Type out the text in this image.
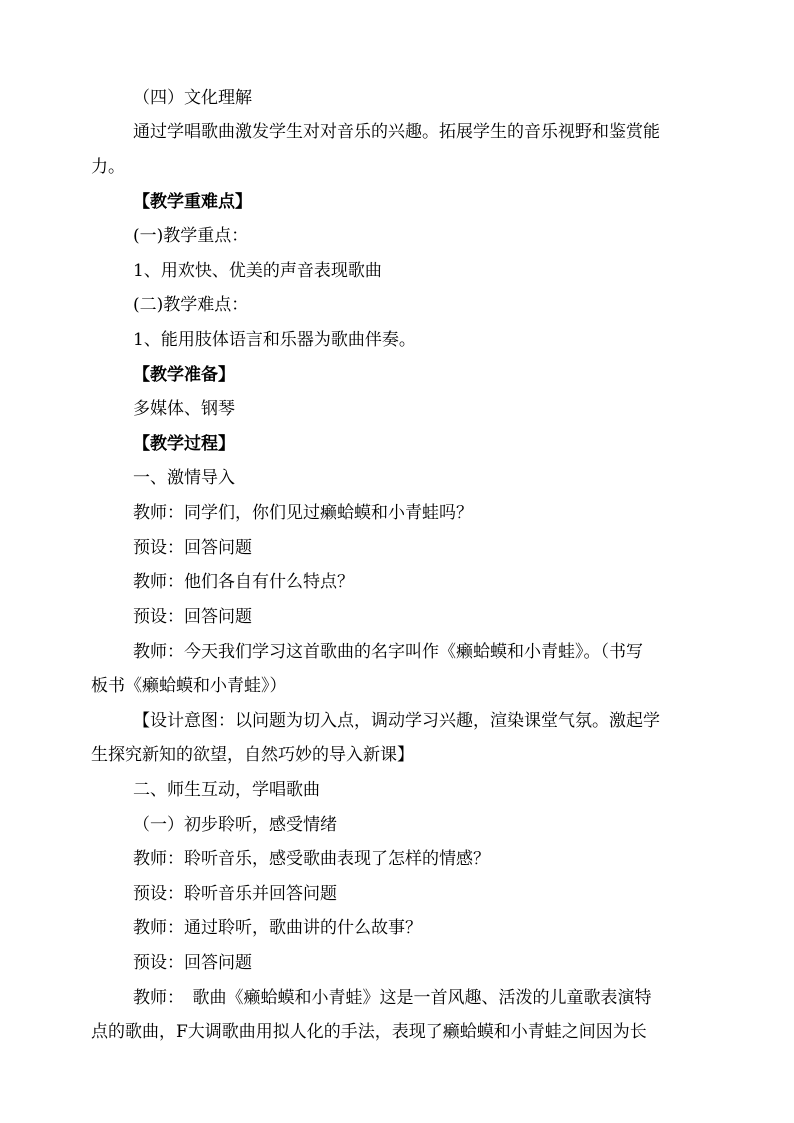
（四）文化理解
通过学唱歌曲激发学生对对音乐的兴趣。拓展学生的音乐视野和鉴赏能
力。
【教学重难点】
(一)教学重点：
1、用欢快、优美的声音表现歌曲
(二)教学难点：
1、能用肢体语言和乐器为歌曲伴奏。
【教学准备】
多媒体、钢琴
【教学过程】
一、激情导入
教师：同学们，你们见过癞蛤蟆和小青蛙吗？
预设：回答问题
教师：他们各自有什么特点？
预设：回答问题
教师：今天我们学习这首歌曲的名字叫作《癞蛤蟆和小青蛙》。（书写
板书《癞蛤蟆和小青蛙》）
【设计意图：以问题为切入点，调动学习兴趣，渲染课堂气氛。激起学
生探究新知的欲望，自然巧妙的导入新课】
二、师生互动，学唱歌曲
（一）初步聆听，感受情绪
教师：聆听音乐，感受歌曲表现了怎样的情感？
预设：聆听音乐并回答问题
教师：通过聆听，歌曲讲的什么故事？
预设：回答问题
教师：　歌曲《癞蛤蟆和小青蛙》这是一首风趣、活泼的儿童歌表演特
点的歌曲，F大调歌曲用拟人化的手法，表现了癞蛤蟆和小青蛙之间因为长
